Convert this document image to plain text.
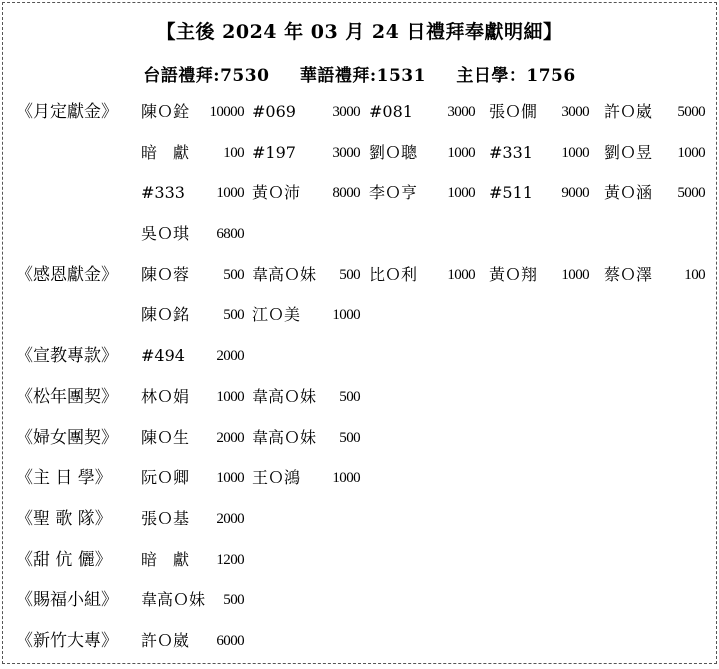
【主後 2024 年 03 月 24 日禮拜奉獻明細】
台語禮拜:7530 華語禮拜:1531 主日學：1756
《月定獻金》 陳Ｏ銓 10000 #069 3000 #081 3000 張Ｏ僩 3000 許Ｏ崴 5000
暗　獻 100 #197 3000 劉Ｏ聰 1000 #331 1000 劉Ｏ昱 1000
#333 1000 黃Ｏ沛 8000 李Ｏ亨 1000 #511 9000 黃Ｏ涵 5000
吳Ｏ琪 6800
《感恩獻金》 陳Ｏ蓉 500 韋高Ｏ妹 500 比Ｏ利 1000 黃Ｏ翔 1000 蔡Ｏ澤 100
陳Ｏ銘 500 江Ｏ美 1000
《宣教專款》 #494 2000
《松年團契》 林Ｏ娟 1000 韋高Ｏ妹 500
《婦女團契》 陳Ｏ生 2000 韋高Ｏ妹 500
《主 日 學》 阮Ｏ卿 1000 王Ｏ鴻 1000
《聖 歌 隊》 張Ｏ基 2000
《甜 伉 儷》 暗　獻 1200
《賜福小組》 韋高Ｏ妹 500
《新竹大專》 許Ｏ崴 6000
